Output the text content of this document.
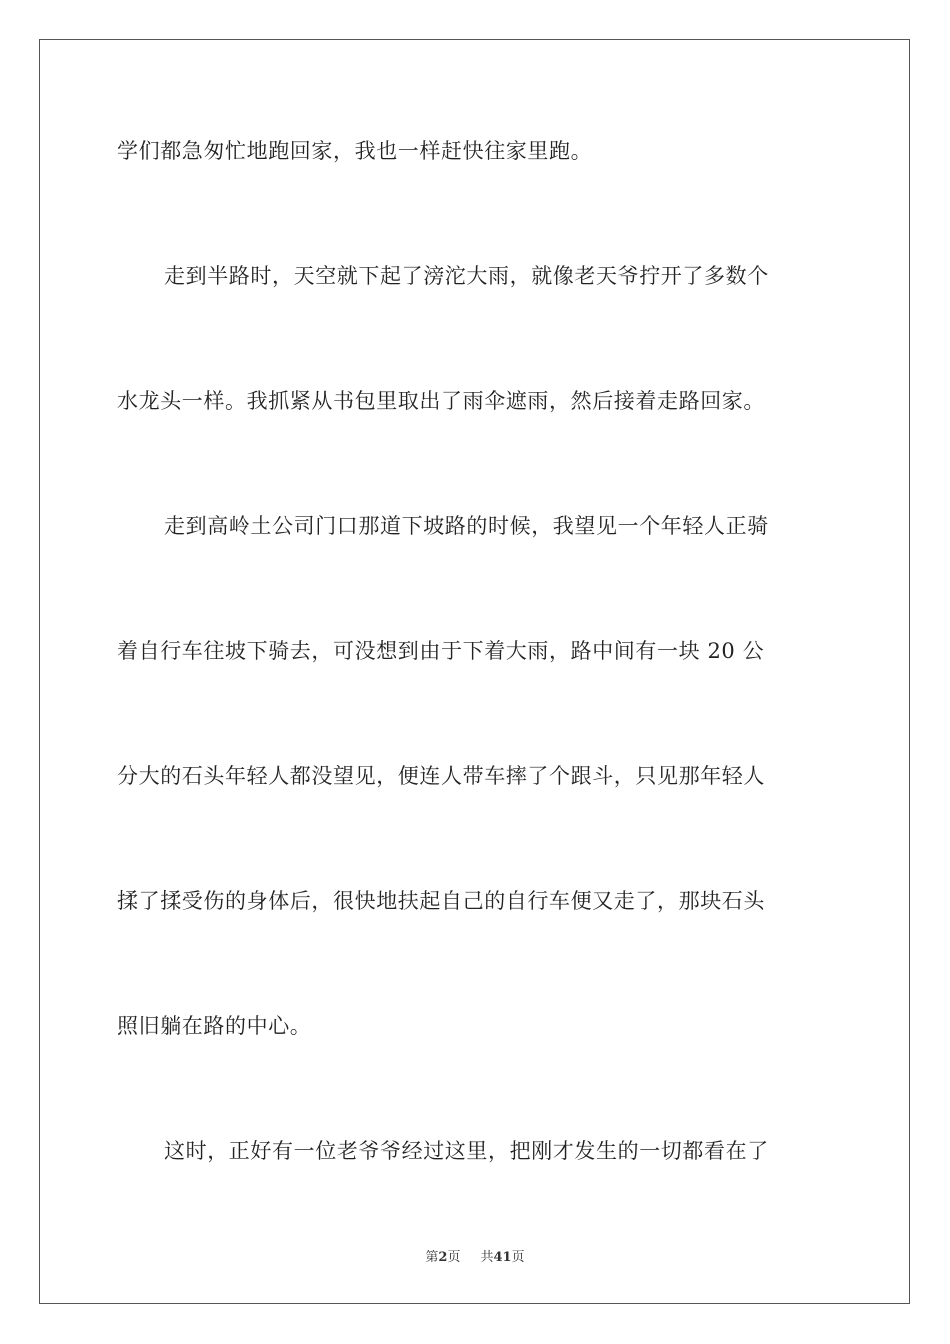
学们都急匆忙地跑回家，我也一样赶快往家里跑。
走到半路时，天空就下起了滂沱大雨，就像老天爷拧开了多数个
水龙头一样。我抓紧从书包里取出了雨伞遮雨，然后接着走路回家。
走到高岭土公司门口那道下坡路的时候，我望见一个年轻人正骑
着自行车往坡下骑去，可没想到由于下着大雨，路中间有一块 20 公
分大的石头年轻人都没望见，便连人带车摔了个跟斗，只见那年轻人
揉了揉受伤的身体后，很快地扶起自己的自行车便又走了，那块石头
照旧躺在路的中心。
这时，正好有一位老爷爷经过这里，把刚才发生的一切都看在了
第2页 共41页
